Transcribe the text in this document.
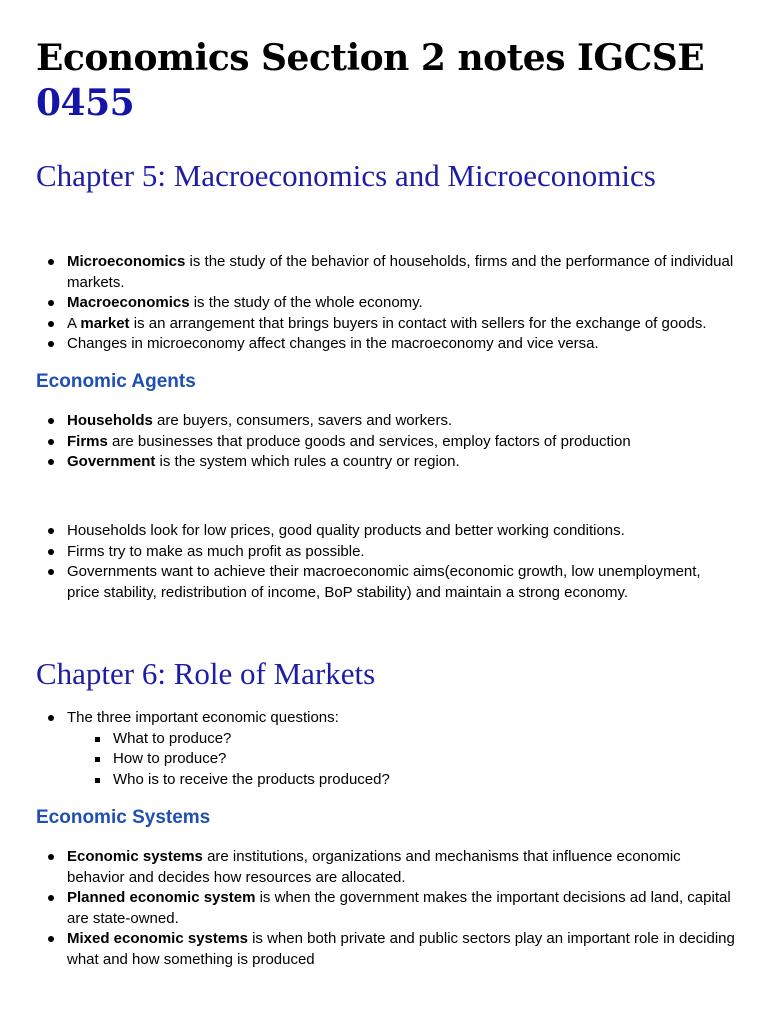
Economics Section 2 notes IGCSE
0455
Chapter 5: Macroeconomics and Microeconomics
Microeconomics is the study of the behavior of households, firms and the performance of individual markets.
Macroeconomics is the study of the whole economy.
A market is an arrangement that brings buyers in contact with sellers for the exchange of goods.
Changes in microeconomy affect changes in the macroeconomy and vice versa.
Economic Agents
Households are buyers, consumers, savers and workers.
Firms are businesses that produce goods and services, employ factors of production
Government is the system which rules a country or region.
Households look for low prices, good quality products and better working conditions.
Firms try to make as much profit as possible.
Governments want to achieve their macroeconomic aims(economic growth, low unemployment, price stability, redistribution of income, BoP stability) and maintain a strong economy.
Chapter 6: Role of Markets
The three important economic questions:
What to produce?
How to produce?
Who is to receive the products produced?
Economic Systems
Economic systems are institutions, organizations and mechanisms that influence economic behavior and decides how resources are allocated.
Planned economic system is when the government makes the important decisions ad land, capital are state-owned.
Mixed economic systems is when both private and public sectors play an important role in deciding what and how something is produced
